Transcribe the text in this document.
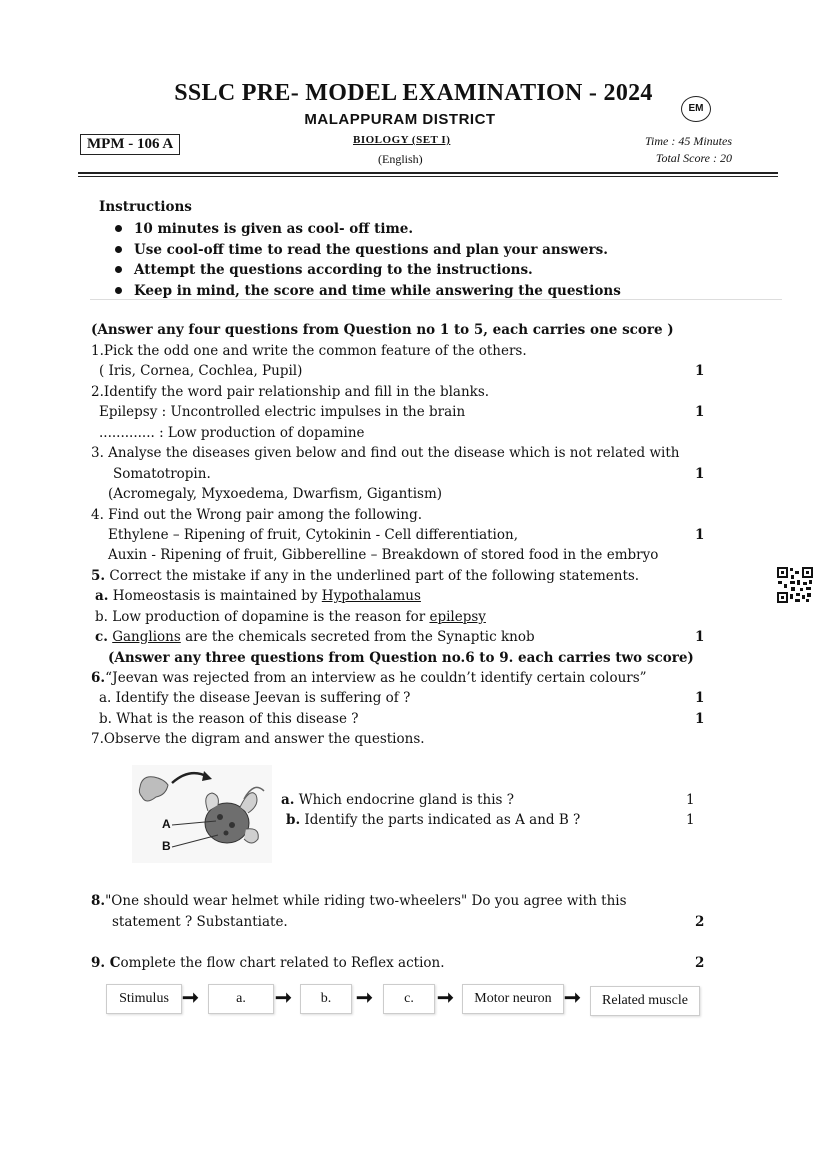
SSLC PRE- MODEL EXAMINATION - 2024
EM
MALAPPURAM DISTRICT
MPM - 106 A	BIOLOGY (SET I)
(English)
Time : 45 Minutes
Total Score : 20
Instructions
10 minutes is given as cool- off time.
Use cool-off time to read the questions and plan your answers.
Attempt the questions according to the instructions.
Keep in mind, the score and time while answering the questions
(Answer any four questions from Question no 1 to 5, each carries one score )
1.Pick the odd one and write the common feature of the others.
( Iris, Cornea, Cochlea, Pupil)	1
2.Identify the word pair relationship and fill in the blanks.
Epilepsy : Uncontrolled electric impulses in the brain	1
............. : Low production of dopamine
3. Analyse the diseases given below and find out the disease which is not related with
Somatotropin.	1
(Acromegaly, Myxoedema, Dwarfism, Gigantism)
4. Find out the Wrong pair among the following.
Ethylene – Ripening of fruit, Cytokinin - Cell differentiation,	1
Auxin - Ripening of fruit, Gibberelline – Breakdown of stored food in the embryo
5. Correct the mistake if any in the underlined part of the following statements.
a. Homeostasis is maintained by Hypothalamus
b. Low production of dopamine is the reason for epilepsy
c. Ganglions are the chemicals secreted from the Synaptic knob	1
(Answer any three questions from Question no.6 to 9. each carries two score)
6.“Jeevan was rejected from an interview as he couldn’t identify certain colours”
a. Identify the disease Jeevan is suffering of ?	1
b. What is the reason of this disease ?	1
7.Observe the digram and answer the questions.
A
B
a. Which endocrine gland is this ?	1
b. Identify the parts indicated as A and B ?	1
8."One should wear helmet while riding two-wheelers" Do you agree with this
statement ? Substantiate.	2
9. Complete the flow chart related to Reflex action.	2
Stimulus ➞	a.	➞	b.	➞	c.	➞	Motor neuron ➞	Related muscle
